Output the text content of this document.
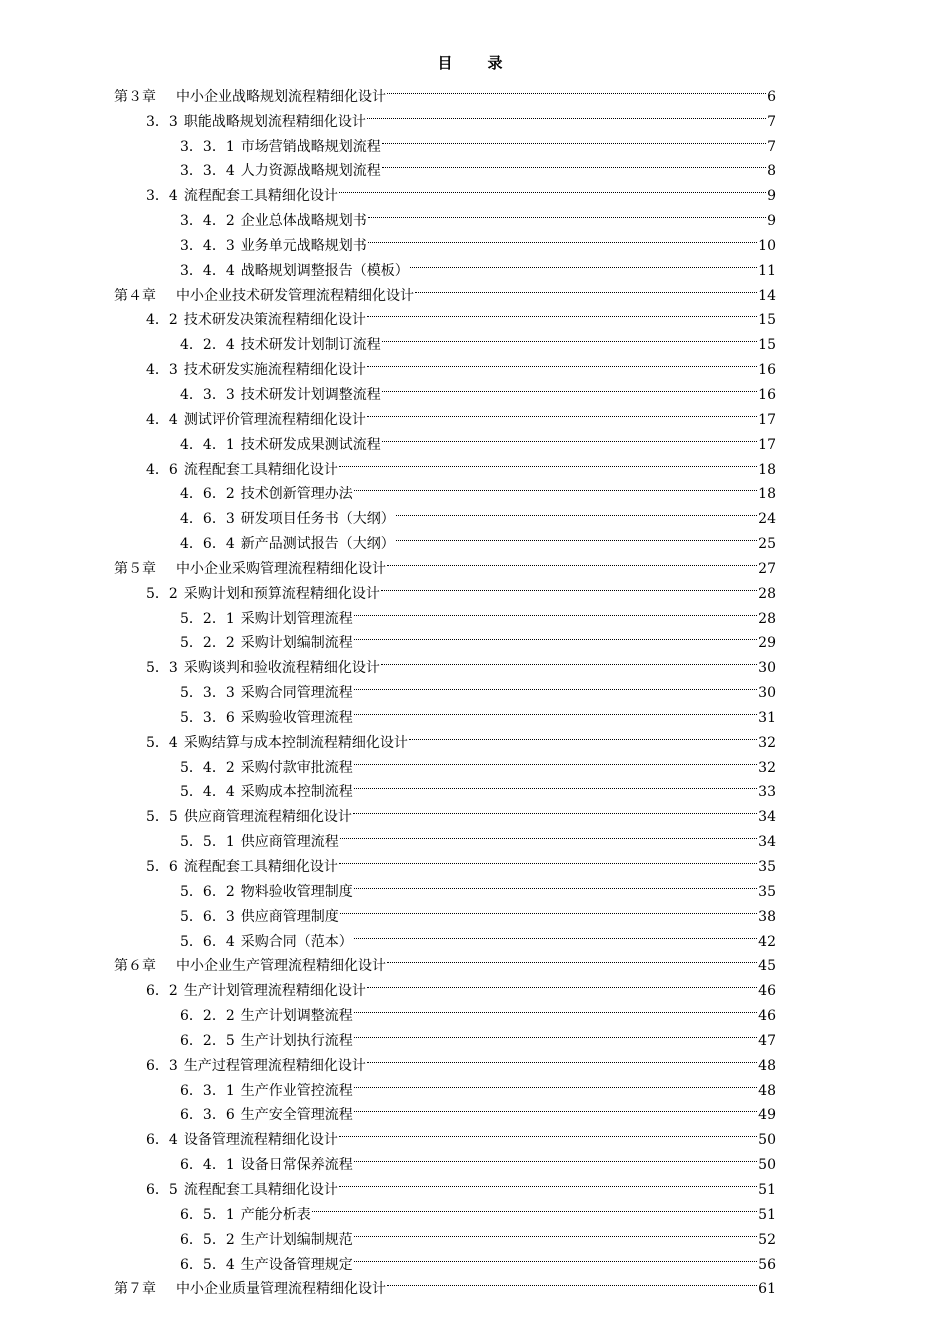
目　录
第３章 中小企业战略规划流程精细化设计	6
3．3 职能战略规划流程精细化设计	7
3．3．1 市场营销战略规划流程	7
3．3．4 人力资源战略规划流程	8
3．4 流程配套工具精细化设计	9
3．4．2 企业总体战略规划书	9
3．4．3 业务单元战略规划书	10
3．4．4 战略规划调整报告（模板）	11
第４章 中小企业技术研发管理流程精细化设计	14
4．2 技术研发决策流程精细化设计	15
4．2．4 技术研发计划制订流程	15
4．3 技术研发实施流程精细化设计	16
4．3．3 技术研发计划调整流程	16
4．4 测试评价管理流程精细化设计	17
4．4．1 技术研发成果测试流程	17
4．6 流程配套工具精细化设计	18
4．6．2 技术创新管理办法	18
4．6．3 研发项目任务书（大纲）	24
4．6．4 新产品测试报告（大纲）	25
第５章 中小企业采购管理流程精细化设计	27
5．2 采购计划和预算流程精细化设计	28
5．2．1 采购计划管理流程	28
5．2．2 采购计划编制流程	29
5．3 采购谈判和验收流程精细化设计	30
5．3．3 采购合同管理流程	30
5．3．6 采购验收管理流程	31
5．4 采购结算与成本控制流程精细化设计	32
5．4．2 采购付款审批流程	32
5．4．4 采购成本控制流程	33
5．5 供应商管理流程精细化设计	34
5．5．1 供应商管理流程	34
5．6 流程配套工具精细化设计	35
5．6．2 物料验收管理制度	35
5．6．3 供应商管理制度	38
5．6．4 采购合同（范本）	42
第６章 中小企业生产管理流程精细化设计	45
6．2 生产计划管理流程精细化设计	46
6．2．2 生产计划调整流程	46
6．2．5 生产计划执行流程	47
6．3 生产过程管理流程精细化设计	48
6．3．1 生产作业管控流程	48
6．3．6 生产安全管理流程	49
6．4 设备管理流程精细化设计	50
6．4．1 设备日常保养流程	50
6．5 流程配套工具精细化设计	51
6．5．1 产能分析表	51
6．5．2 生产计划编制规范	52
6．5．4 生产设备管理规定	56
第７章 中小企业质量管理流程精细化设计	61
